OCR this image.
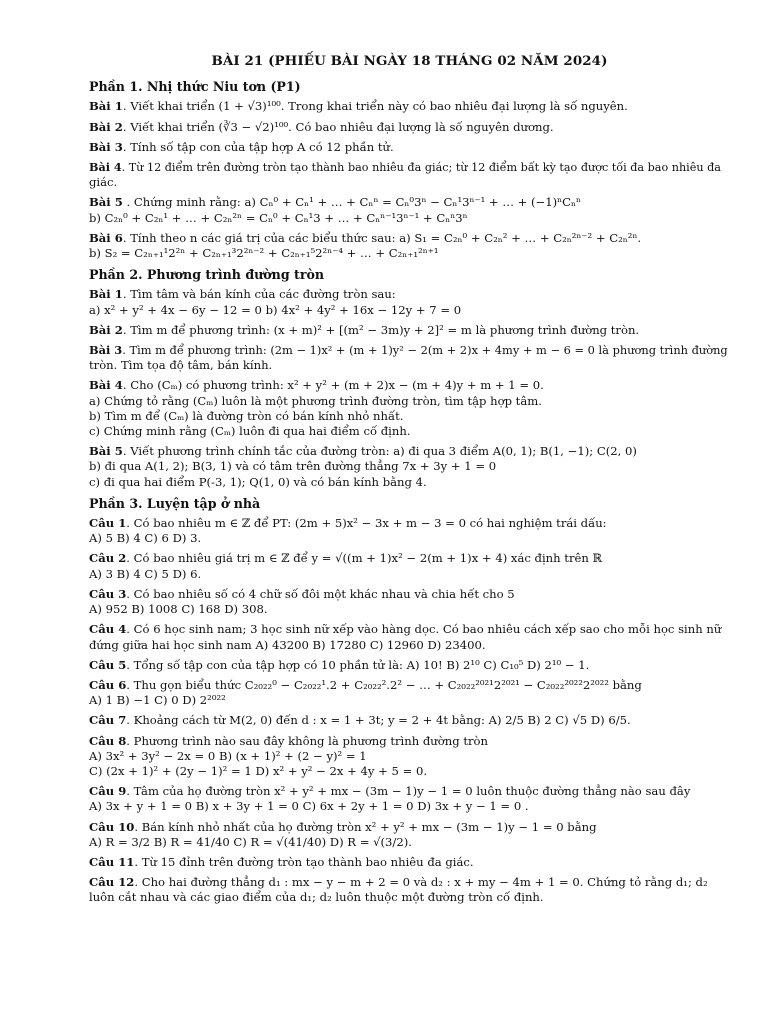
BÀI 21 (PHIẾU BÀI NGÀY 18 THÁNG 02 NĂM 2024)
Phần 1. Nhị thức Niu tơn (P1)
Bài 1. Viết khai triển (1 + √3)¹⁰⁰. Trong khai triển này có bao nhiêu đại lượng là số nguyên.
Bài 2. Viết khai triển (∛3 − √2)¹⁰⁰. Có bao nhiêu đại lượng là số nguyên dương.
Bài 3. Tính số tập con của tập hợp A có 12 phần tử.
Bài 4. Từ 12 điểm trên đường tròn tạo thành bao nhiêu đa giác; từ 12 điểm bất kỳ tạo được tối đa bao nhiêu đa
giác.
Bài 5 . Chứng minh rằng: a) Cₙ⁰ + Cₙ¹ + … + Cₙⁿ = Cₙ⁰3ⁿ − Cₙ¹3ⁿ⁻¹ + … + (−1)ⁿCₙⁿ
b) C₂ₙ⁰ + C₂ₙ¹ + … + C₂ₙ²ⁿ = Cₙ⁰ + Cₙ¹3 + … + Cₙⁿ⁻¹3ⁿ⁻¹ + Cₙⁿ3ⁿ
Bài 6. Tính theo n các giá trị của các biểu thức sau: a) S₁ = C₂ₙ⁰ + C₂ₙ² + … + C₂ₙ²ⁿ⁻² + C₂ₙ²ⁿ.
b) S₂ = C₂ₙ₊₁¹2²ⁿ + C₂ₙ₊₁³2²ⁿ⁻² + C₂ₙ₊₁⁵2²ⁿ⁻⁴ + … + C₂ₙ₊₁²ⁿ⁺¹
Phần 2. Phương trình đường tròn
Bài 1. Tìm tâm và bán kính của các đường tròn sau:
a) x² + y² + 4x − 6y − 12 = 0 b) 4x² + 4y² + 16x − 12y + 7 = 0
Bài 2. Tìm m để phương trình: (x + m)² + [(m² − 3m)y + 2]² = m là phương trình đường tròn.
Bài 3. Tìm m để phương trình: (2m − 1)x² + (m + 1)y² − 2(m + 2)x + 4my + m − 6 = 0 là phương trình đường
tròn. Tìm tọa độ tâm, bán kính.
Bài 4. Cho (Cₘ) có phương trình: x² + y² + (m + 2)x − (m + 4)y + m + 1 = 0.
a) Chứng tỏ rằng (Cₘ) luôn là một phương trình đường tròn, tìm tập hợp tâm.
b) Tìm m để (Cₘ) là đường tròn có bán kính nhỏ nhất.
c) Chứng minh rằng (Cₘ) luôn đi qua hai điểm cố định.
Bài 5. Viết phương trình chính tắc của đường tròn: a) đi qua 3 điểm A(0, 1); B(1, −1); C(2, 0)
b) đi qua A(1, 2); B(3, 1) và có tâm trên đường thẳng 7x + 3y + 1 = 0
c) đi qua hai điểm P(-3, 1); Q(1, 0) và có bán kính bằng 4.
Phần 3. Luyện tập ở nhà
Câu 1. Có bao nhiêu m ∈ ℤ để PT: (2m + 5)x² − 3x + m − 3 = 0 có hai nghiệm trái dấu:
A) 5 B) 4 C) 6 D) 3.
Câu 2. Có bao nhiêu giá trị m ∈ ℤ để y = √((m + 1)x² − 2(m + 1)x + 4) xác định trên ℝ
A) 3 B) 4 C) 5 D) 6.
Câu 3. Có bao nhiêu số có 4 chữ số đôi một khác nhau và chia hết cho 5
A) 952 B) 1008 C) 168 D) 308.
Câu 4. Có 6 học sinh nam; 3 học sinh nữ xếp vào hàng dọc. Có bao nhiêu cách xếp sao cho mỗi học sinh nữ
đứng giữa hai học sinh nam A) 43200 B) 17280 C) 12960 D) 23400.
Câu 5. Tổng số tập con của tập hợp có 10 phần tử là: A) 10! B) 2¹⁰ C) C₁₀⁵ D) 2¹⁰ − 1.
Câu 6. Thu gọn biểu thức C₂₀₂₂⁰ − C₂₀₂₂¹.2 + C₂₀₂₂².2² − … + C₂₀₂₂²⁰²¹2²⁰²¹ − C₂₀₂₂²⁰²²2²⁰²² bằng
A) 1 B) −1 C) 0 D) 2²⁰²²
Câu 7. Khoảng cách từ M(2, 0) đến d : x = 1 + 3t; y = 2 + 4t bằng: A) 2/5 B) 2 C) √5 D) 6/5.
Câu 8. Phương trình nào sau đây không là phương trình đường tròn
A) 3x² + 3y² − 2x = 0 B) (x + 1)² + (2 − y)² = 1
C) (2x + 1)² + (2y − 1)² = 1 D) x² + y² − 2x + 4y + 5 = 0.
Câu 9. Tâm của họ đường tròn x² + y² + mx − (3m − 1)y − 1 = 0 luôn thuộc đường thẳng nào sau đây
A) 3x + y + 1 = 0 B) x + 3y + 1 = 0 C) 6x + 2y + 1 = 0 D) 3x + y − 1 = 0 .
Câu 10. Bán kính nhỏ nhất của họ đường tròn x² + y² + mx − (3m − 1)y − 1 = 0 bằng
A) R = 3/2 B) R = 41/40 C) R = √(41/40) D) R = √(3/2).
Câu 11. Từ 15 đỉnh trên đường tròn tạo thành bao nhiêu đa giác.
Câu 12. Cho hai đường thẳng d₁ : mx − y − m + 2 = 0 và d₂ : x + my − 4m + 1 = 0. Chứng tỏ rằng d₁; d₂
luôn cắt nhau và các giao điểm của d₁; d₂ luôn thuộc một đường tròn cố định.
